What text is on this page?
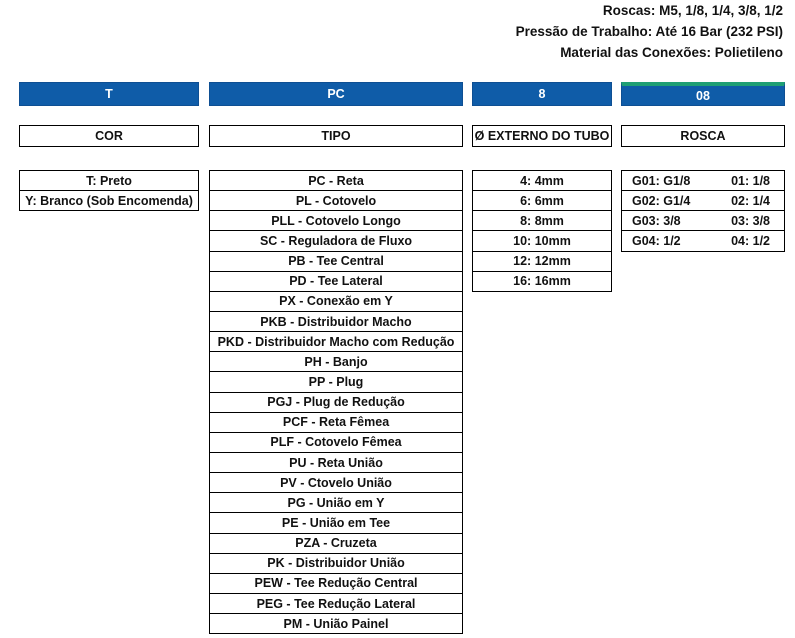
Roscas: M5, 1/8, 1/4, 3/8, 1/2
Pressão de Trabalho: Até 16 Bar (232 PSI)
Material das Conexões: Polietileno
T
COR
T: Preto
Y: Branco (Sob Encomenda)
PC
TIPO
PC - Reta
PL - Cotovelo
PLL - Cotovelo Longo
SC - Reguladora de Fluxo
PB - Tee Central
PD - Tee Lateral
PX - Conexão em Y
PKB - Distribuidor Macho
PKD - Distribuidor Macho com Redução
PH - Banjo
PP - Plug
PGJ - Plug de Redução
PCF - Reta Fêmea
PLF - Cotovelo Fêmea
PU - Reta União
PV - Ctovelo União
PG - União em Y
PE - União em Tee
PZA - Cruzeta
PK - Distribuidor União
PEW - Tee Redução Central
PEG - Tee Redução Lateral
PM - União Painel
8
Ø EXTERNO DO TUBO
4: 4mm
6: 6mm
8: 8mm
10: 10mm
12: 12mm
16: 16mm
08
ROSCA
G01: G1/8	01: 1/8
G02: G1/4	02: 1/4
G03: 3/8	03: 3/8
G04: 1/2	04: 1/2
